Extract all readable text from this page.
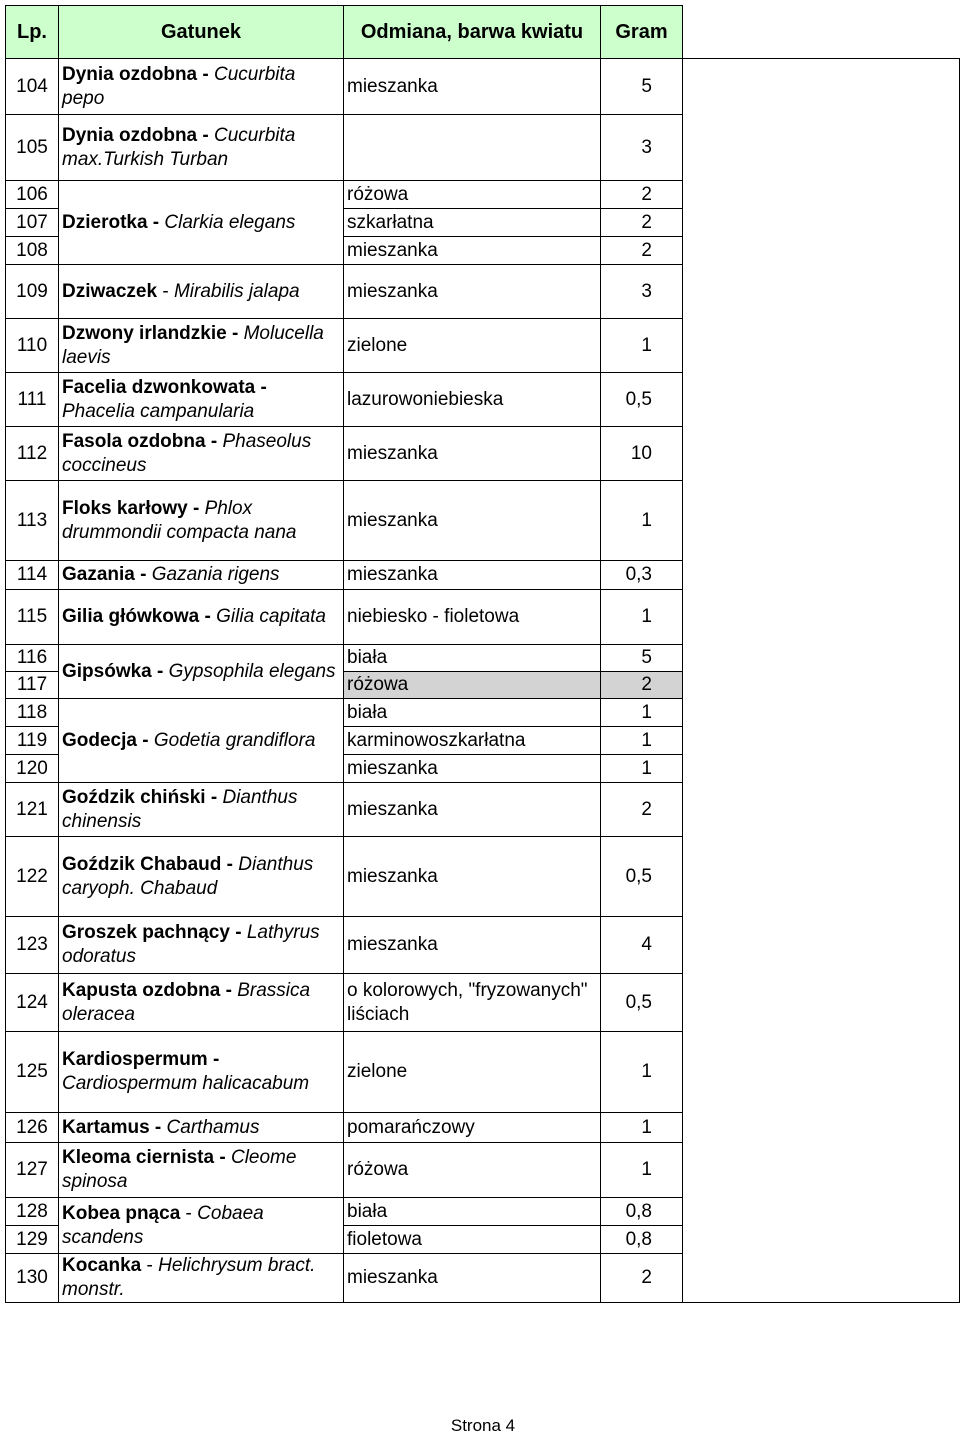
Lp.	Gatunek	Odmiana, barwa kwiatu	Gram	
104	Dynia ozdobna - Cucurbita pepo	mieszanka	5	
105	Dynia ozdobna - Cucurbita max.Turkish Turban		3	
106	Dzierotka - Clarkia elegans	różowa	2	
107		szkarłatna	2	
108		mieszanka	2	
109	Dziwaczek - Mirabilis jalapa	mieszanka	3	
110	Dzwony irlandzkie - Molucella laevis	zielone	1	
111	Facelia dzwonkowata - Phacelia campanularia	lazurowoniebieska	0,5	
112	Fasola ozdobna - Phaseolus coccineus	mieszanka	10	
113	Floks karłowy - Phlox drummondii compacta nana	mieszanka	1	
114	Gazania - Gazania rigens	mieszanka	0,3	
115	Gilia główkowa - Gilia capitata	niebiesko - fioletowa	1	
116	Gipsówka - Gypsophila elegans	biała	5	
117		różowa	2	
118	Godecja - Godetia grandiflora	biała	1	
119		karminowoszkarłatna	1	
120		mieszanka	1	
121	Goździk chiński - Dianthus chinensis	mieszanka	2	
122	Goździk Chabaud - Dianthus caryoph. Chabaud	mieszanka	0,5	
123	Groszek pachnący - Lathyrus odoratus	mieszanka	4	
124	Kapusta ozdobna - Brassica oleracea	o kolorowych, "fryzowanych" liściach	0,5	
125	Kardiospermum - Cardiospermum halicacabum	zielone	1	
126	Kartamus - Carthamus	pomarańczowy	1	
127	Kleoma ciernista - Cleome spinosa	różowa	1	
128	Kobea pnąca - Cobaea scandens	biała	0,8	
129		fioletowa	0,8	
130	Kocanka - Helichrysum bract. monstr.	mieszanka	2	
Strona 4
